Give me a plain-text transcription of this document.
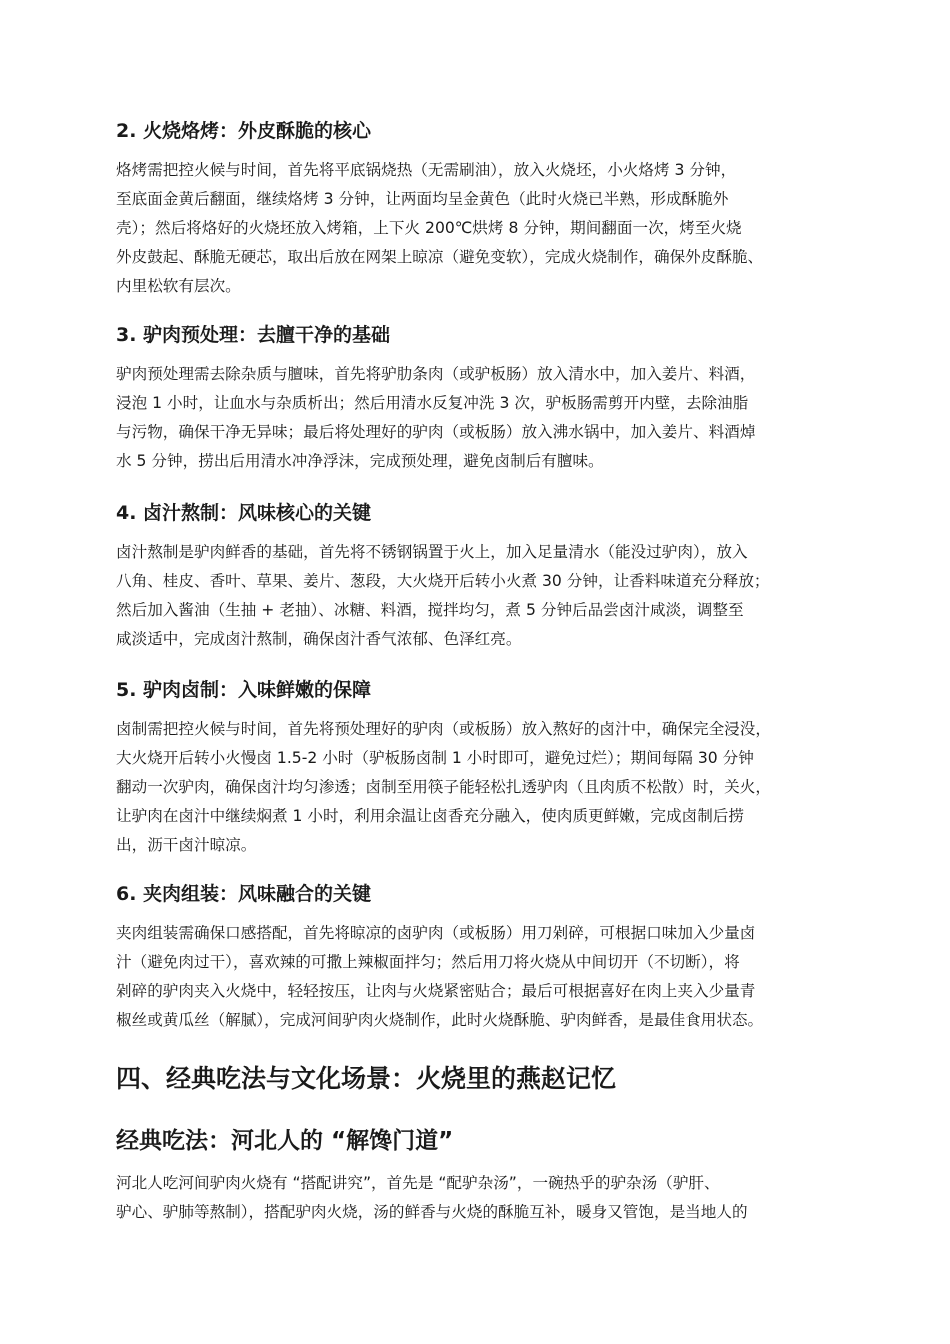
2. 火烧烙烤：外皮酥脆的核心

烙烤需把控火候与时间，首先将平底锅烧热（无需刷油），放入火烧坯，小火烙烤 3 分钟，
至底面金黄后翻面，继续烙烤 3 分钟，让两面均呈金黄色（此时火烧已半熟，形成酥脆外
壳）；然后将烙好的火烧坯放入烤箱，上下火 200℃烘烤 8 分钟，期间翻面一次，烤至火烧
外皮鼓起、酥脆无硬芯，取出后放在网架上晾凉（避免变软），完成火烧制作，确保外皮酥脆、
内里松软有层次。

3. 驴肉预处理：去膻干净的基础

驴肉预处理需去除杂质与膻味，首先将驴肋条肉（或驴板肠）放入清水中，加入姜片、料酒，
浸泡 1 小时，让血水与杂质析出；然后用清水反复冲洗 3 次，驴板肠需剪开内壁，去除油脂
与污物，确保干净无异味；最后将处理好的驴肉（或板肠）放入沸水锅中，加入姜片、料酒焯
水 5 分钟，捞出后用清水冲净浮沫，完成预处理，避免卤制后有膻味。

4. 卤汁熬制：风味核心的关键

卤汁熬制是驴肉鲜香的基础，首先将不锈钢锅置于火上，加入足量清水（能没过驴肉），放入
八角、桂皮、香叶、草果、姜片、葱段，大火烧开后转小火煮 30 分钟，让香料味道充分释放；
然后加入酱油（生抽 + 老抽）、冰糖、料酒，搅拌均匀，煮 5 分钟后品尝卤汁咸淡，调整至
咸淡适中，完成卤汁熬制，确保卤汁香气浓郁、色泽红亮。

5. 驴肉卤制：入味鲜嫩的保障

卤制需把控火候与时间，首先将预处理好的驴肉（或板肠）放入熬好的卤汁中，确保完全浸没，
大火烧开后转小火慢卤 1.5-2 小时（驴板肠卤制 1 小时即可，避免过烂）；期间每隔 30 分钟
翻动一次驴肉，确保卤汁均匀渗透；卤制至用筷子能轻松扎透驴肉（且肉质不松散）时，关火，
让驴肉在卤汁中继续焖煮 1 小时，利用余温让卤香充分融入，使肉质更鲜嫩，完成卤制后捞
出，沥干卤汁晾凉。

6. 夹肉组装：风味融合的关键

夹肉组装需确保口感搭配，首先将晾凉的卤驴肉（或板肠）用刀剁碎，可根据口味加入少量卤
汁（避免肉过干），喜欢辣的可撒上辣椒面拌匀；然后用刀将火烧从中间切开（不切断），将
剁碎的驴肉夹入火烧中，轻轻按压，让肉与火烧紧密贴合；最后可根据喜好在肉上夹入少量青
椒丝或黄瓜丝（解腻），完成河间驴肉火烧制作，此时火烧酥脆、驴肉鲜香，是最佳食用状态。

四、经典吃法与文化场景：火烧里的燕赵记忆
经典吃法：河北人的 “解馋门道”

河北人吃河间驴肉火烧有 “搭配讲究”，首先是 “配驴杂汤”，一碗热乎的驴杂汤（驴肝、
驴心、驴肺等熬制），搭配驴肉火烧，汤的鲜香与火烧的酥脆互补，暖身又管饱，是当地人的
